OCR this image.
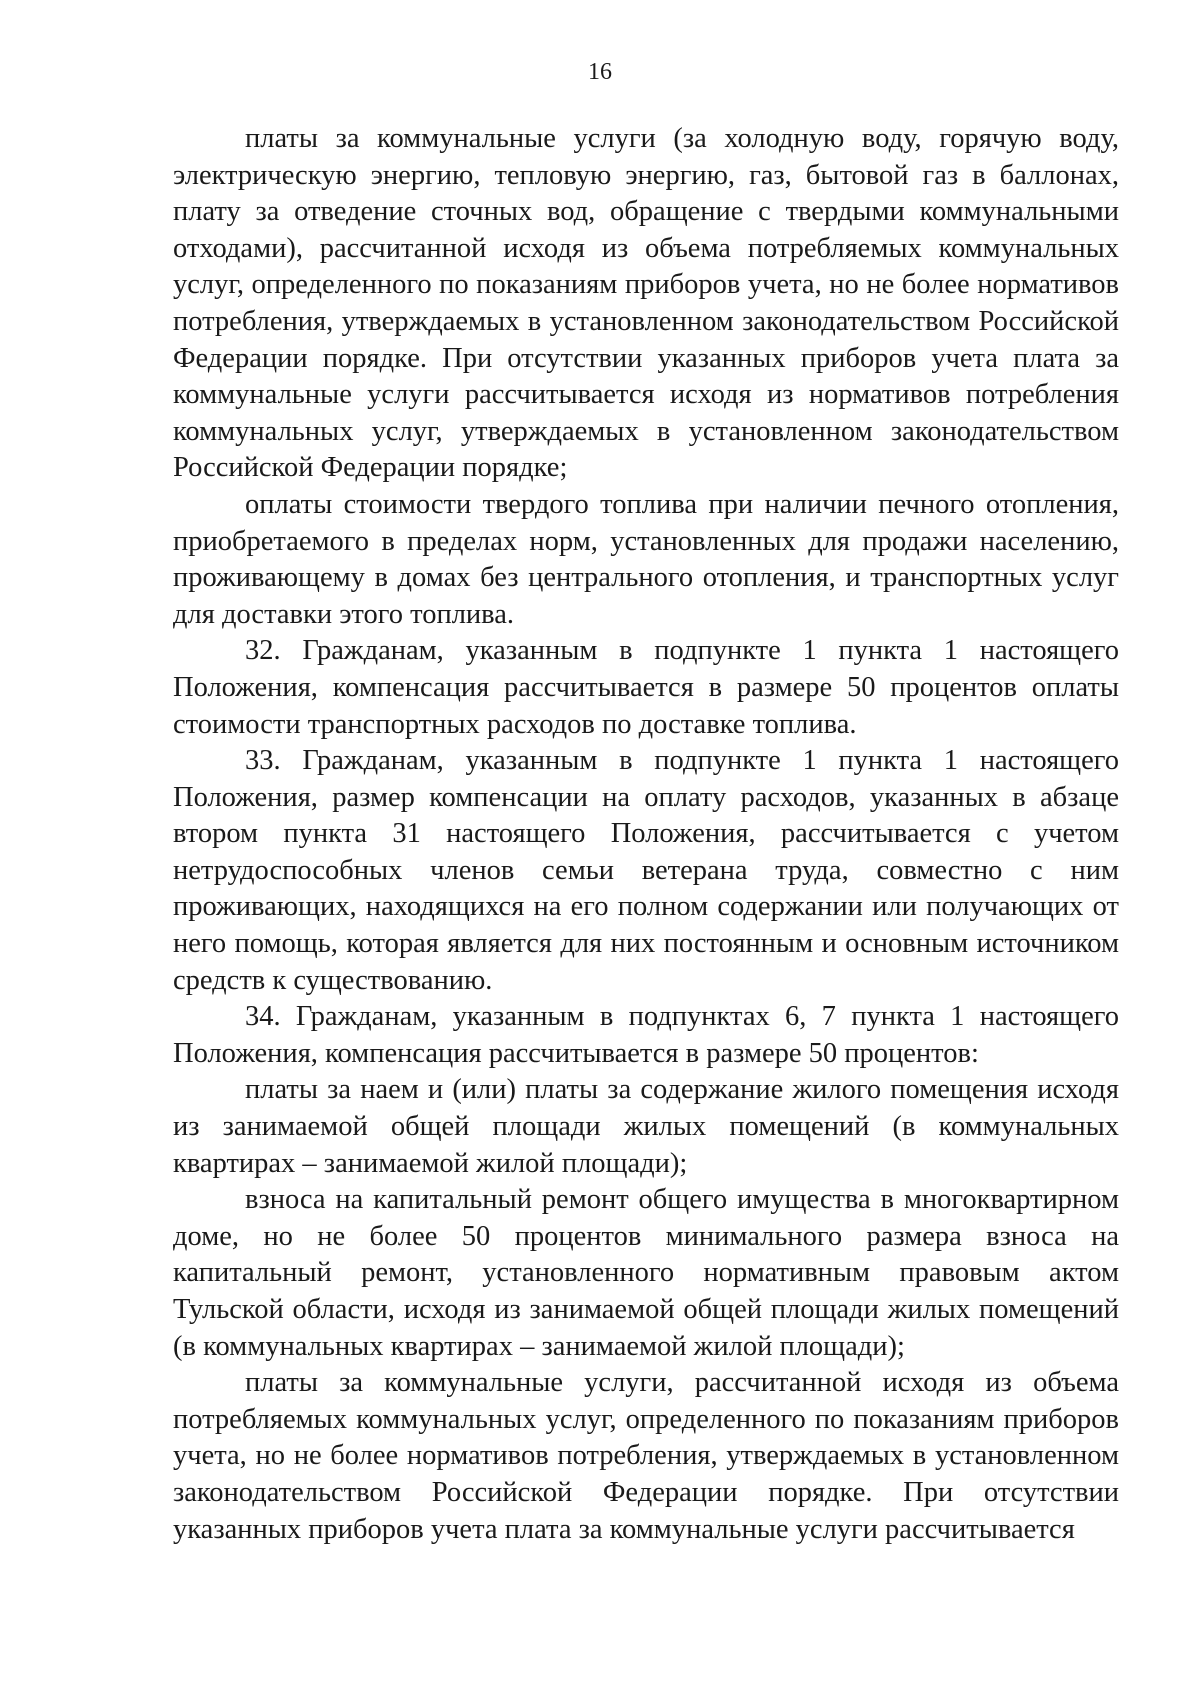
16

платы за коммунальные услуги (за холодную воду, горячую воду, электрическую энергию, тепловую энергию, газ, бытовой газ в баллонах, плату за отведение сточных вод, обращение с твердыми коммунальными отходами), рассчитанной исходя из объема потребляемых коммунальных услуг, определенного по показаниям приборов учета, но не более нормативов потребления, утверждаемых в установленном законодательством Российской Федерации порядке. При отсутствии указанных приборов учета плата за коммунальные услуги рассчитывается исходя из нормативов потребления коммунальных услуг, утверждаемых в установленном законодательством Российской Федерации порядке;

оплаты стоимости твердого топлива при наличии печного отопления, приобретаемого в пределах норм, установленных для продажи населению, проживающему в домах без центрального отопления, и транспортных услуг для доставки этого топлива.

32. Гражданам, указанным в подпункте 1 пункта 1 настоящего Положения, компенсация рассчитывается в размере 50 процентов оплаты стоимости транспортных расходов по доставке топлива.

33. Гражданам, указанным в подпункте 1 пункта 1 настоящего Положения, размер компенсации на оплату расходов, указанных в абзаце втором пункта 31 настоящего Положения, рассчитывается с учетом нетрудоспособных членов семьи ветерана труда, совместно с ним проживающих, находящихся на его полном содержании или получающих от него помощь, которая является для них постоянным и основным источником средств к существованию.

34. Гражданам, указанным в подпунктах 6, 7 пункта 1 настоящего Положения, компенсация рассчитывается в размере 50 процентов:

платы за наем и (или) платы за содержание жилого помещения исходя из занимаемой общей площади жилых помещений (в коммунальных квартирах – занимаемой жилой площади);

взноса на капитальный ремонт общего имущества в многоквартирном доме, но не более 50 процентов минимального размера взноса на капитальный ремонт, установленного нормативным правовым актом Тульской области, исходя из занимаемой общей площади жилых помещений (в коммунальных квартирах – занимаемой жилой площади);

платы за коммунальные услуги, рассчитанной исходя из объема потребляемых коммунальных услуг, определенного по показаниям приборов учета, но не более нормативов потребления, утверждаемых в установленном законодательством Российской Федерации порядке. При отсутствии указанных приборов учета плата за коммунальные услуги рассчитывается
